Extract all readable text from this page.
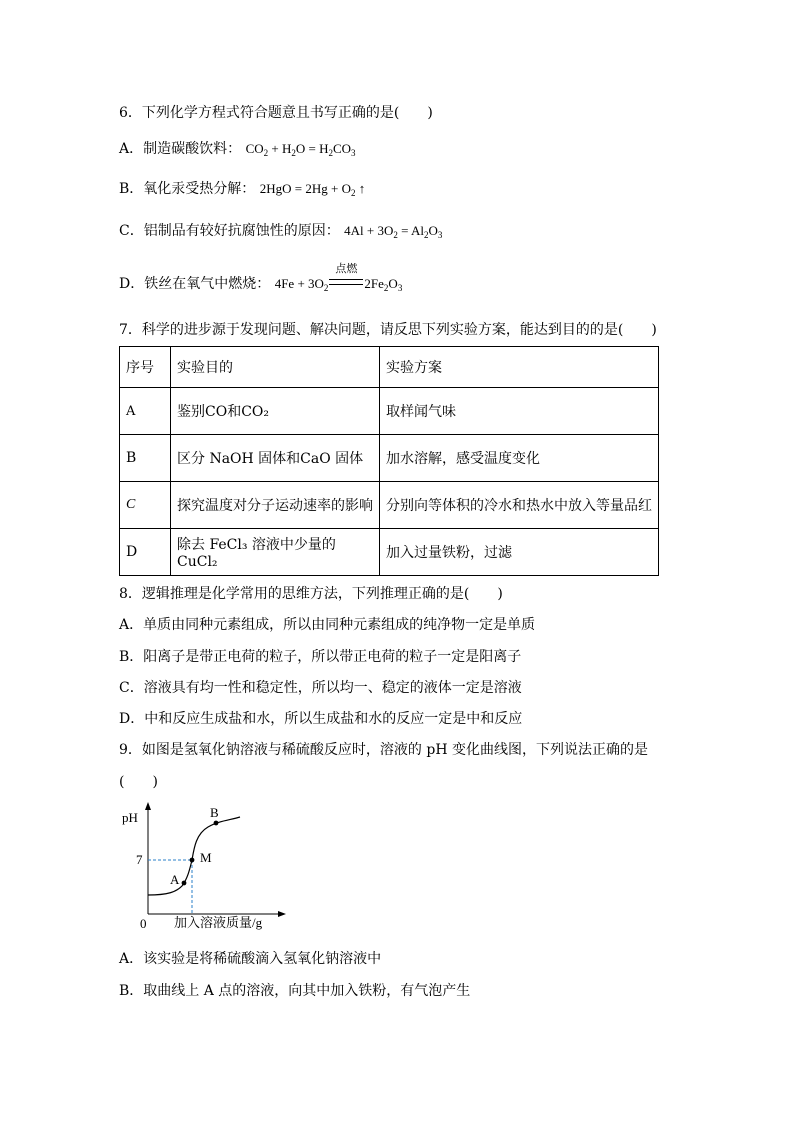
6．下列化学方程式符合题意且书写正确的是(　　)
A．制造碳酸饮料： $CO_2 + H_2O = H_2CO_3$
B．氧化汞受热分解： $2HgO = 2Hg + O_2$ ↑
C．铝制品有较好抗腐蚀性的原因： $4Al + 3O_2 = Al_2O_3$
D．铁丝在氧气中燃烧： $4Fe + 3O_2$
点燃
$2Fe_2O_3$
7．科学的进步源于发现问题、解决问题，请反思下列实验方案，能达到目的的是(　　)
序号	实验目的	实验方案
A	鉴别CO和CO₂	取样闻气味
B	区分 NaOH 固体和CaO 固体	加水溶解，感受温度变化
C	探究温度对分子运动速率的影响	分别向等体积的冷水和热水中放入等量品红
D	除去 FeCl₃ 溶液中少量的CuCl₂	加入过量铁粉，过滤
8．逻辑推理是化学常用的思维方法，下列推理正确的是(　　)
A．单质由同种元素组成，所以由同种元素组成的纯净物一定是单质
B．阳离子是带正电荷的粒子，所以带正电荷的粒子一定是阳离子
C．溶液具有均一性和稳定性，所以均一、稳定的液体一定是溶液
D．中和反应生成盐和水，所以生成盐和水的反应一定是中和反应
9．如图是氢氧化钠溶液与稀硫酸反应时，溶液的 pH 变化曲线图，下列说法正确的是
(　　)
pH
7
0 加入溶液质量/g
A
M
B
A．该实验是将稀硫酸滴入氢氧化钠溶液中
B．取曲线上 A 点的溶液，向其中加入铁粉，有气泡产生
